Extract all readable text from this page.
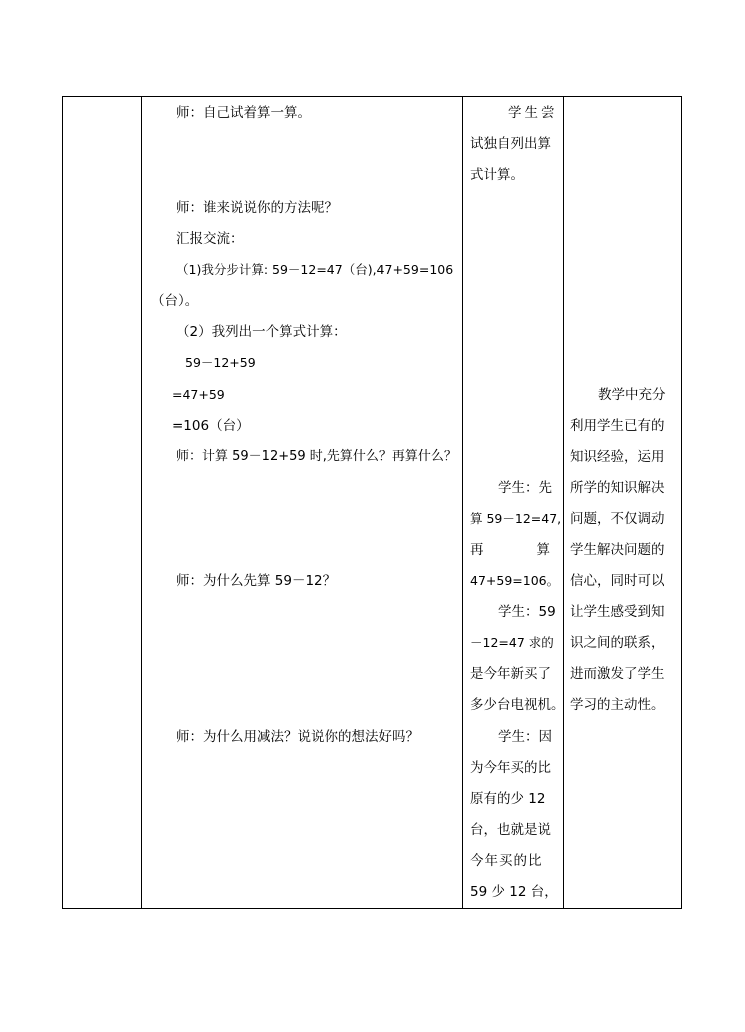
师：自己试着算一算。
师：谁来说说你的方法呢？
汇报交流：
（1)我分步计算: 59－12=47（台),47+59=106
（台）。
（2）我列出一个算式计算：
59－12+59
=47+59
=106（台）
师：计算 59－12+59 时,先算什么？再算什么？
师：为什么先算 59－12？
师：为什么用减法？说说你的想法好吗？
学生尝
试独自列出算
式计算。
学生：先
算 59－12=47,
再	算
47+59=106。
学生：59
－12=47 求的
是今年新买了
多少台电视机。
学生：因
为今年买的比
原有的少 12
台，也就是说
今年买的比
59 少 12 台，
教学中充分
利用学生已有的
知识经验，运用
所学的知识解决
问题，不仅调动
学生解决问题的
信心，同时可以
让学生感受到知
识之间的联系，
进而激发了学生
学习的主动性。
